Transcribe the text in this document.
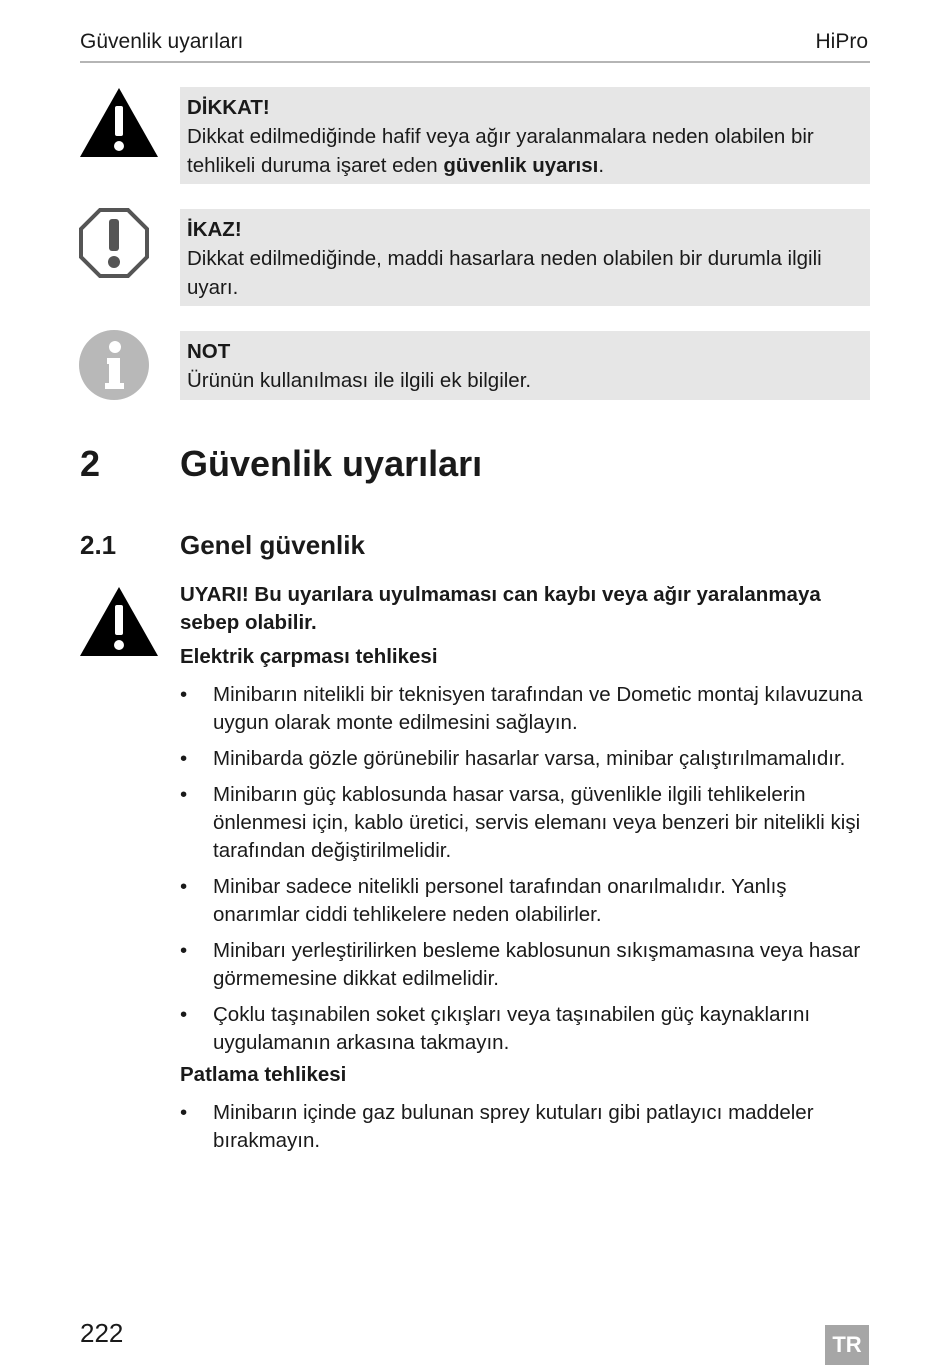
Güvenlik uyarıları	HiPro
DİKKAT!
Dikkat edilmediğinde hafif veya ağır yaralanmalara neden olabilen bir tehlikeli duruma işaret eden güvenlik uyarısı.
İKAZ!
Dikkat edilmediğinde, maddi hasarlara neden olabilen bir durumla ilgili uyarı.
NOT
Ürünün kullanılması ile ilgili ek bilgiler.
2 Güvenlik uyarıları
2.1 Genel güvenlik
UYARI! Bu uyarılara uyulmaması can kaybı veya ağır yaralanmaya sebep olabilir.
Elektrik çarpması tehlikesi
• Minibarın nitelikli bir teknisyen tarafından ve Dometic montaj kılavuzuna uygun olarak monte edilmesini sağlayın.
• Minibarda gözle görünebilir hasarlar varsa, minibar çalıştırılmamalıdır.
• Minibarın güç kablosunda hasar varsa, güvenlikle ilgili tehlikelerin önlenmesi için, kablo üretici, servis elemanı veya benzeri bir nitelikli kişi tarafından değiştirilmelidir.
• Minibar sadece nitelikli personel tarafından onarılmalıdır. Yanlış onarımlar ciddi tehlikelere neden olabilirler.
• Minibarı yerleştirilirken besleme kablosunun sıkışmamasına veya hasar görmemesine dikkat edilmelidir.
• Çoklu taşınabilen soket çıkışları veya taşınabilen güç kaynaklarını uygulamanın arkasına takmayın.
Patlama tehlikesi
• Minibarın içinde gaz bulunan sprey kutuları gibi patlayıcı maddeler bırakmayın.
222	TR
